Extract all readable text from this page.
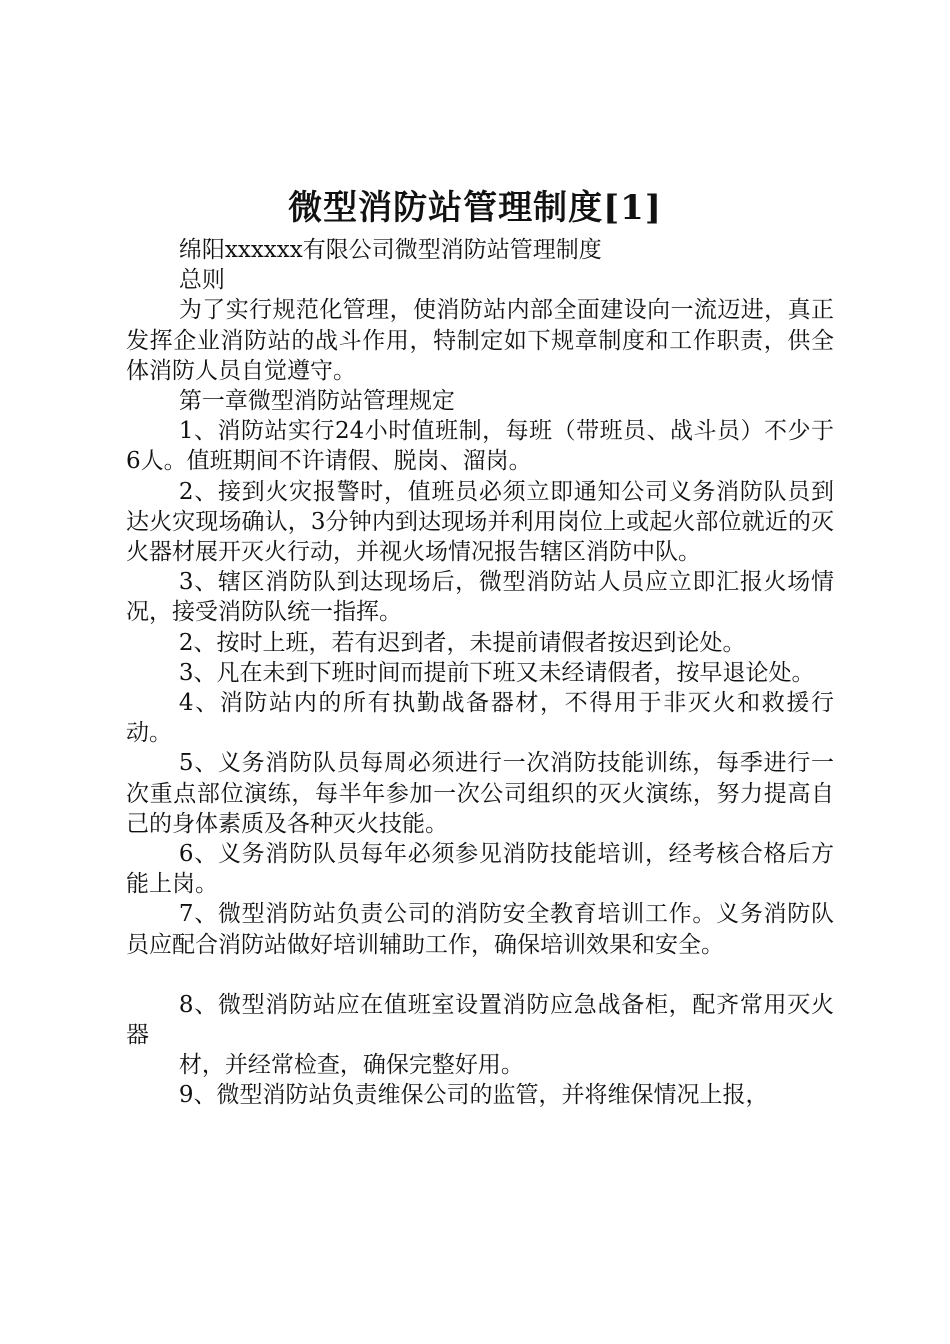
微型消防站管理制度[1]

绵阳xxxxxx有限公司微型消防站管理制度

总则

为了实行规范化管理，使消防站内部全面建设向一流迈进，真正发挥企业消防站的战斗作用，特制定如下规章制度和工作职责，供全体消防人员自觉遵守。

第一章微型消防站管理规定

1、消防站实行24小时值班制，每班（带班员、战斗员）不少于6人。值班期间不许请假、脱岗、溜岗。

2、接到火灾报警时，值班员必须立即通知公司义务消防队员到达火灾现场确认，3分钟内到达现场并利用岗位上或起火部位就近的灭火器材展开灭火行动，并视火场情况报告辖区消防中队。

3、辖区消防队到达现场后，微型消防站人员应立即汇报火场情况，接受消防队统一指挥。

2、按时上班，若有迟到者，未提前请假者按迟到论处。

3、凡在未到下班时间而提前下班又未经请假者，按早退论处。

4、消防站内的所有执勤战备器材，不得用于非灭火和救援行动。

5、义务消防队员每周必须进行一次消防技能训练，每季进行一次重点部位演练，每半年参加一次公司组织的灭火演练，努力提高自己的身体素质及各种灭火技能。

6、义务消防队员每年必须参见消防技能培训，经考核合格后方能上岗。

7、微型消防站负责公司的消防安全教育培训工作。义务消防队员应配合消防站做好培训辅助工作，确保培训效果和安全。

8、微型消防站应在值班室设置消防应急战备柜，配齐常用灭火器

材，并经常检查，确保完整好用。

9、微型消防站负责维保公司的监管，并将维保情况上报，
